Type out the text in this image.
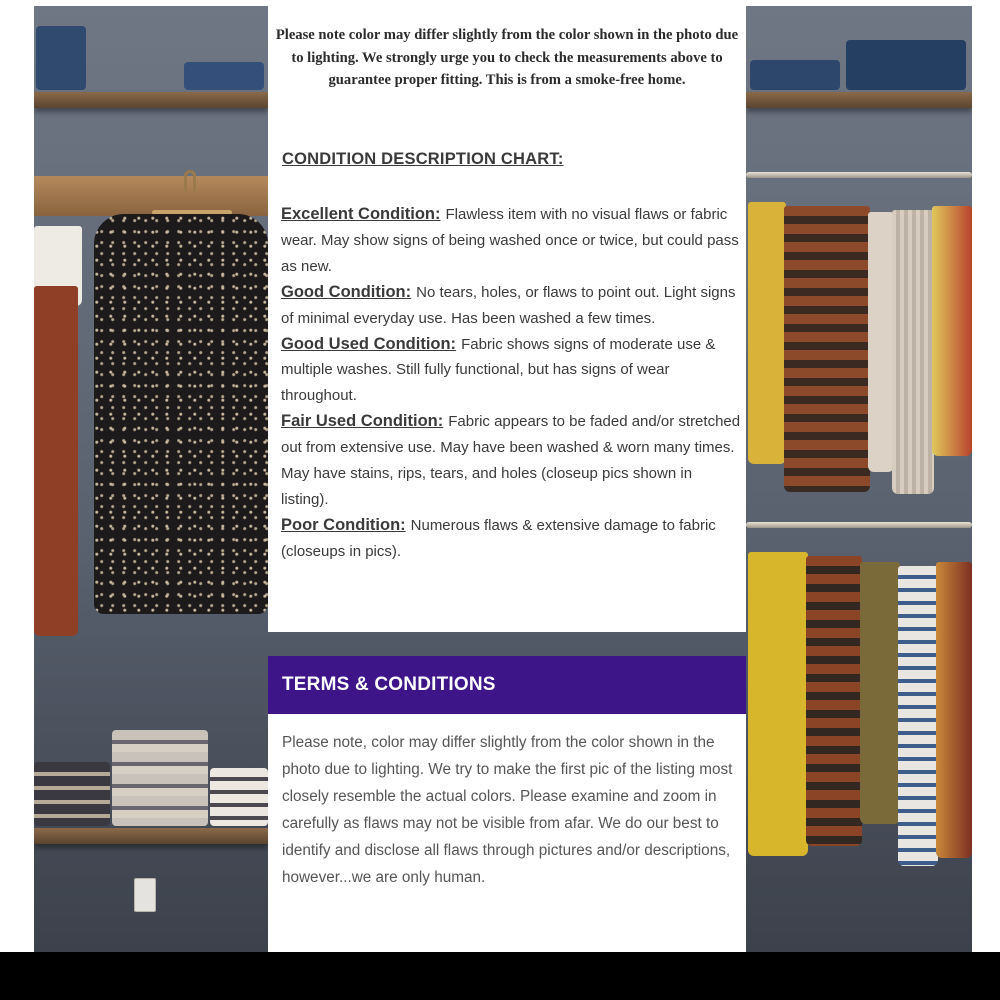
Please note color may differ slightly from the color shown in the photo due to lighting. We strongly urge you to check the measurements above to guarantee proper fitting. This is from a smoke-free home.

CONDITION DESCRIPTION CHART:

Excellent Condition: Flawless item with no visual flaws or fabric wear. May show signs of being washed once or twice, but could pass as new.

Good Condition: No tears, holes, or flaws to point out. Light signs of minimal everyday use. Has been washed a few times.

Good Used Condition: Fabric shows signs of moderate use & multiple washes. Still fully functional, but has signs of wear throughout.

Fair Used Condition: Fabric appears to be faded and/or stretched out from extensive use. May have been washed & worn many times. May have stains, rips, tears, and holes (closeup pics shown in listing).

Poor Condition: Numerous flaws & extensive damage to fabric (closeups in pics).

TERMS & CONDITIONS

Please note, color may differ slightly from the color shown in the photo due to lighting. We try to make the first pic of the listing most closely resemble the actual colors. Please examine and zoom in carefully as flaws may not be visible from afar. We do our best to identify and disclose all flaws through pictures and/or descriptions, however...we are only human.
